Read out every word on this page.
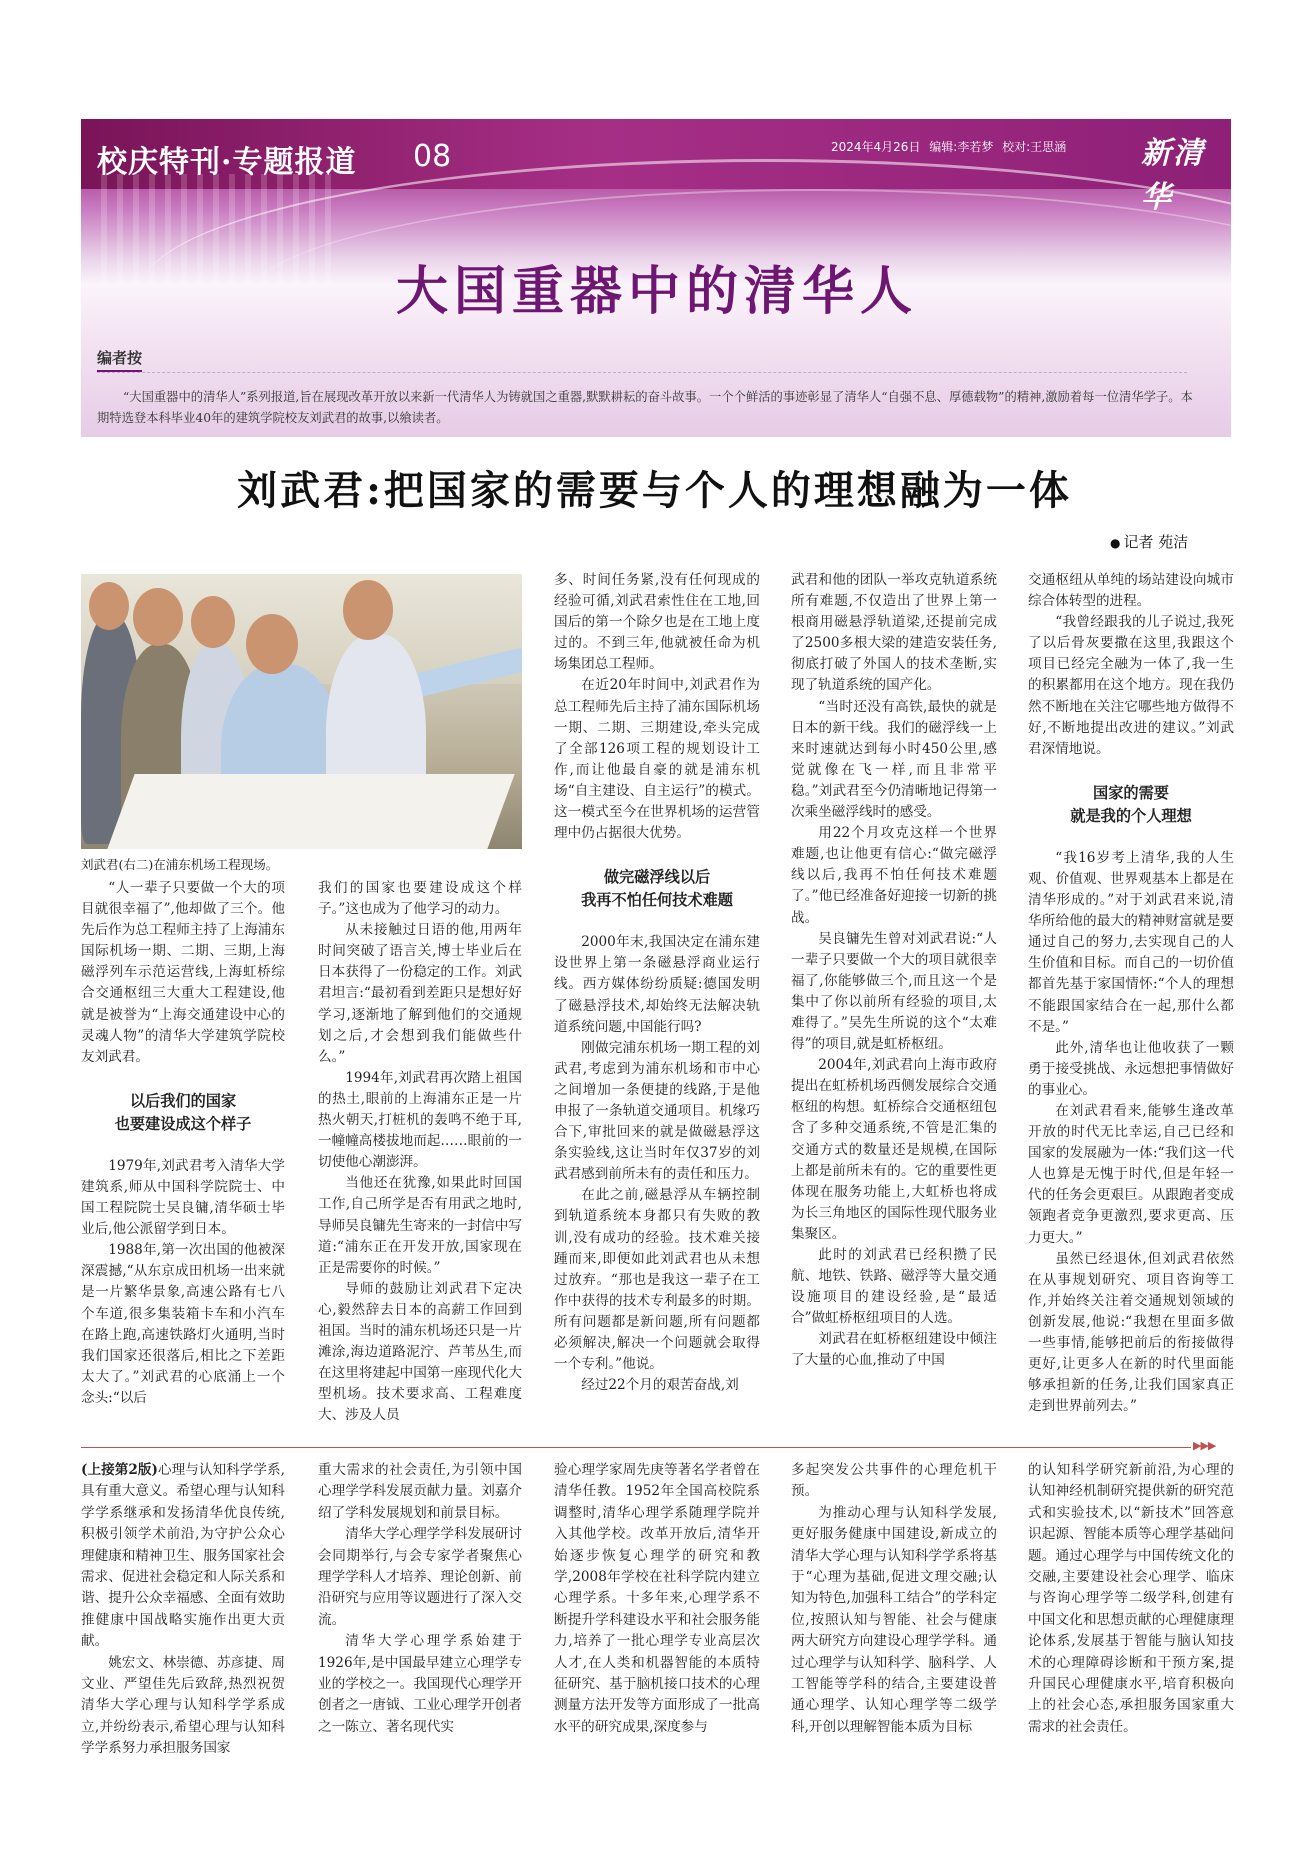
校庆特刊·专题报道 08	2024年4月26日 编辑:李若梦 校对:王思涵 新清华
大国重器中的清华人
编者按
“大国重器中的清华人”系列报道,旨在展现改革开放以来新一代清华人为铸就国之重器,默默耕耘的奋斗故事。一个个鲜活的事迹彰显了清华人“自强不息、厚德载物”的精神,激励着每一位清华学子。本期特选登本科毕业40年的建筑学院校友刘武君的故事,以飨读者。
刘武君:把国家的需要与个人的理想融为一体
● 记者 苑洁
刘武君(右二)在浦东机场工程现场。

“人一辈子只要做一个大的项目就很幸福了”,他却做了三个。他先后作为总工程师主持了上海浦东国际机场一期、二期、三期,上海磁浮列车示范运营线,上海虹桥综合交通枢纽三大重大工程建设,他就是被誉为“上海交通建设中心的灵魂人物”的清华大学建筑学院校友刘武君。

以后我们的国家
也要建设成这个样子

1979年,刘武君考入清华大学建筑系,师从中国科学院院士、中国工程院院士吴良镛,清华硕士毕业后,他公派留学到日本。

1988年,第一次出国的他被深深震撼,“从东京成田机场一出来就是一片繁华景象,高速公路有七八个车道,很多集装箱卡车和小汽车在路上跑,高速铁路灯火通明,当时我们国家还很落后,相比之下差距太大了。”刘武君的心底涌上一个念头:“以后

我们的国家也要建设成这个样子。”这也成为了他学习的动力。

从未接触过日语的他,用两年时间突破了语言关,博士毕业后在日本获得了一份稳定的工作。刘武君坦言:“最初看到差距只是想好好学习,逐渐地了解到他们的交通规划之后,才会想到我们能做些什么。”

1994年,刘武君再次踏上祖国的热土,眼前的上海浦东正是一片热火朝天,打桩机的轰鸣不绝于耳,一幢幢高楼拔地而起……眼前的一切使他心潮澎湃。

当他还在犹豫,如果此时回国工作,自己所学是否有用武之地时,导师吴良镛先生寄来的一封信中写道:“浦东正在开发开放,国家现在正是需要你的时候。”

导师的鼓励让刘武君下定决心,毅然辞去日本的高薪工作回到祖国。当时的浦东机场还只是一片滩涂,海边道路泥泞、芦苇丛生,而在这里将建起中国第一座现代化大型机场。技术要求高、工程难度大、涉及人员

多、时间任务紧,没有任何现成的经验可循,刘武君索性住在工地,回国后的第一个除夕也是在工地上度过的。不到三年,他就被任命为机场集团总工程师。

在近20年时间中,刘武君作为总工程师先后主持了浦东国际机场一期、二期、三期建设,牵头完成了全部126项工程的规划设计工作,而让他最自豪的就是浦东机场“自主建设、自主运行”的模式。这一模式至今在世界机场的运营管理中仍占据很大优势。

做完磁浮线以后
我再不怕任何技术难题

2000年末,我国决定在浦东建设世界上第一条磁悬浮商业运行线。西方媒体纷纷质疑:德国发明了磁悬浮技术,却始终无法解决轨道系统问题,中国能行吗?

刚做完浦东机场一期工程的刘武君,考虑到为浦东机场和市中心之间增加一条便捷的线路,于是他申报了一条轨道交通项目。机缘巧合下,审批回来的就是做磁悬浮这条实验线,这让当时年仅37岁的刘武君感到前所未有的责任和压力。

在此之前,磁悬浮从车辆控制到轨道系统本身都只有失败的教训,没有成功的经验。技术难关接踵而来,即便如此刘武君也从未想过放弃。“那也是我这一辈子在工作中获得的技术专利最多的时期。所有问题都是新问题,所有问题都必须解决,解决一个问题就会取得一个专利。”他说。

经过22个月的艰苦奋战,刘

武君和他的团队一举攻克轨道系统所有难题,不仅造出了世界上第一根商用磁悬浮轨道梁,还提前完成了2500多根大梁的建造安装任务,彻底打破了外国人的技术垄断,实现了轨道系统的国产化。

“当时还没有高铁,最快的就是日本的新干线。我们的磁浮线一上来时速就达到每小时450公里,感觉就像在飞一样,而且非常平稳。”刘武君至今仍清晰地记得第一次乘坐磁浮线时的感受。

用22个月攻克这样一个世界难题,也让他更有信心:“做完磁浮线以后,我再不怕任何技术难题了。”他已经准备好迎接一切新的挑战。

吴良镛先生曾对刘武君说:“人一辈子只要做一个大的项目就很幸福了,你能够做三个,而且这一个是集中了你以前所有经验的项目,太难得了。”吴先生所说的这个“太难得”的项目,就是虹桥枢纽。

2004年,刘武君向上海市政府提出在虹桥机场西侧发展综合交通枢纽的构想。虹桥综合交通枢纽包含了多种交通系统,不管是汇集的交通方式的数量还是规模,在国际上都是前所未有的。它的重要性更体现在服务功能上,大虹桥也将成为长三角地区的国际性现代服务业集聚区。

此时的刘武君已经积攒了民航、地铁、铁路、磁浮等大量交通设施项目的建设经验,是“最适合”做虹桥枢纽项目的人选。

刘武君在虹桥枢纽建设中倾注了大量的心血,推动了中国

交通枢纽从单纯的场站建设向城市综合体转型的进程。

“我曾经跟我的儿子说过,我死了以后骨灰要撒在这里,我跟这个项目已经完全融为一体了,我一生的积累都用在这个地方。现在我仍然不断地在关注它哪些地方做得不好,不断地提出改进的建议。”刘武君深情地说。

国家的需要
就是我的个人理想

“我16岁考上清华,我的人生观、价值观、世界观基本上都是在清华形成的。”对于刘武君来说,清华所给他的最大的精神财富就是要通过自己的努力,去实现自己的人生价值和目标。而自己的一切价值都首先基于家国情怀:“个人的理想不能跟国家结合在一起,那什么都不是。”

此外,清华也让他收获了一颗勇于接受挑战、永远想把事情做好的事业心。

在刘武君看来,能够生逢改革开放的时代无比幸运,自己已经和国家的发展融为一体:“我们这一代人也算是无愧于时代,但是年轻一代的任务会更艰巨。从跟跑者变成领跑者竞争更激烈,要求更高、压力更大。”

虽然已经退休,但刘武君依然在从事规划研究、项目咨询等工作,并始终关注着交通规划领域的创新发展,他说:“我想在里面多做一些事情,能够把前后的衔接做得更好,让更多人在新的时代里面能够承担新的任务,让我们国家真正走到世界前列去。”

▶▶▶

(上接第2版)心理与认知科学学系,具有重大意义。希望心理与认知科学学系继承和发扬清华优良传统,积极引领学术前沿,为守护公众心理健康和精神卫生、服务国家社会需求、促进社会稳定和人际关系和谐、提升公众幸福感、全面有效助推健康中国战略实施作出更大贡献。

姚宏文、林崇德、苏彦捷、周文业、严望佳先后致辞,热烈祝贺清华大学心理与认知科学学系成立,并纷纷表示,希望心理与认知科学学系努力承担服务国家

重大需求的社会责任,为引领中国心理学学科发展贡献力量。刘嘉介绍了学科发展规划和前景目标。

清华大学心理学学科发展研讨会同期举行,与会专家学者聚焦心理学学科人才培养、理论创新、前沿研究与应用等议题进行了深入交流。

清华大学心理学系始建于1926年,是中国最早建立心理学专业的学校之一。我国现代心理学开创者之一唐钺、工业心理学开创者之一陈立、著名现代实

验心理学家周先庚等著名学者曾在清华任教。1952年全国高校院系调整时,清华心理学系随理学院并入其他学校。改革开放后,清华开始逐步恢复心理学的研究和教学,2008年学校在社科学院内建立心理学系。十多年来,心理学系不断提升学科建设水平和社会服务能力,培养了一批心理学专业高层次人才,在人类和机器智能的本质特征研究、基于脑机接口技术的心理测量方法开发等方面形成了一批高水平的研究成果,深度参与

多起突发公共事件的心理危机干预。

为推动心理与认知科学发展,更好服务健康中国建设,新成立的清华大学心理与认知科学学系将基于“心理为基础,促进文理交融;认知为特色,加强科工结合”的学科定位,按照认知与智能、社会与健康两大研究方向建设心理学学科。通过心理学与认知科学、脑科学、人工智能等学科的结合,主要建设普通心理学、认知心理学等二级学科,开创以理解智能本质为目标

的认知科学研究新前沿,为心理的认知神经机制研究提供新的研究范式和实验技术,以“新技术”回答意识起源、智能本质等心理学基础问题。通过心理学与中国传统文化的交融,主要建设社会心理学、临床与咨询心理学等二级学科,创建有中国文化和思想贡献的心理健康理论体系,发展基于智能与脑认知技术的心理障碍诊断和干预方案,提升国民心理健康水平,培育积极向上的社会心态,承担服务国家重大需求的社会责任。
